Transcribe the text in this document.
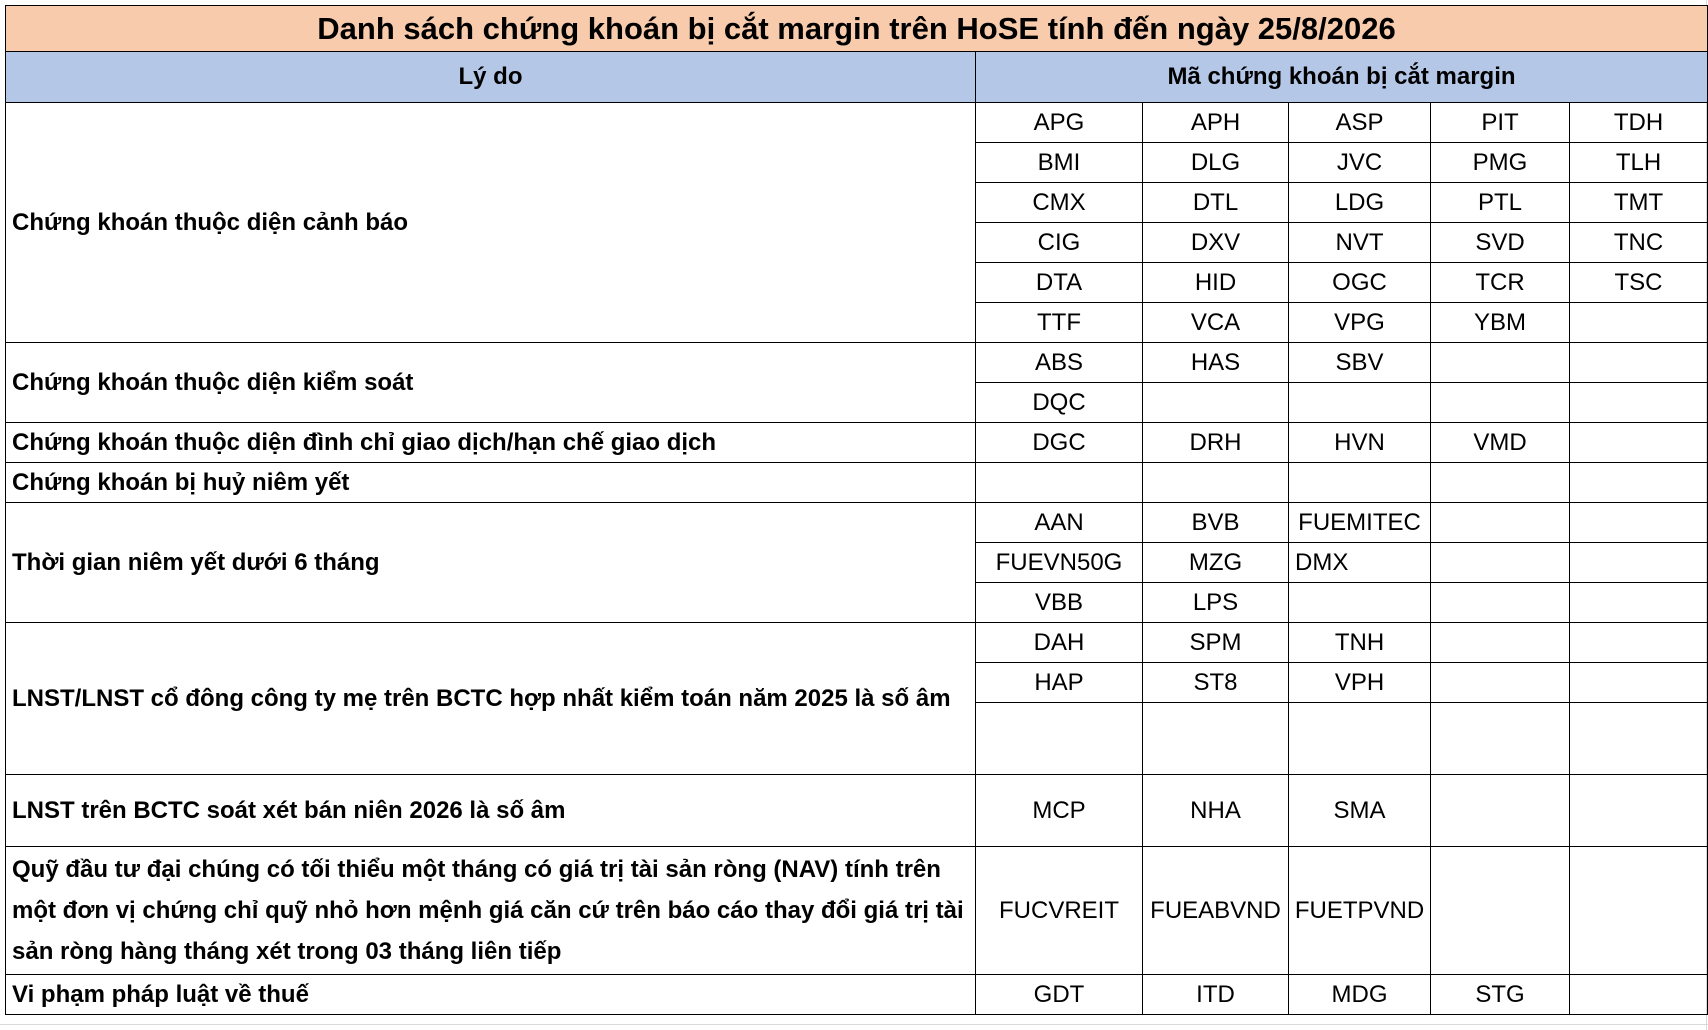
Danh sách chứng khoán bị cắt margin trên HoSE tính đến ngày 25/8/2026					
Lý do	Mã chứng khoán bị cắt margin				
Chứng khoán thuộc diện cảnh báo	APG	APH	ASP	PIT	TDH
	BMI	DLG	JVC	PMG	TLH
	CMX	DTL	LDG	PTL	TMT
	CIG	DXV	NVT	SVD	TNC
	DTA	HID	OGC	TCR	TSC
	TTF	VCA	VPG	YBM	
Chứng khoán thuộc diện kiểm soát	ABS	HAS	SBV		
	DQC				
Chứng khoán thuộc diện đình chỉ giao dịch/hạn chế giao dịch	DGC	DRH	HVN	VMD	
Chứng khoán bị huỷ niêm yết					
Thời gian niêm yết dưới 6 tháng	AAN	BVB	FUEMITEC		
	FUEVN50G	MZG	DMX		
	VBB	LPS			
LNST/LNST cổ đông công ty mẹ trên BCTC hợp nhất kiểm toán năm 2025 là số âm	DAH	SPM	TNH		
	HAP	ST8	VPH		

LNST trên BCTC soát xét bán niên 2026 là số âm	MCP	NHA	SMA		
Quỹ đầu tư đại chúng có tối thiểu một tháng có giá trị tài sản ròng (NAV) tính trên một đơn vị chứng chỉ quỹ nhỏ hơn mệnh giá căn cứ trên báo cáo thay đổi giá trị tài sản ròng hàng tháng xét trong 03 tháng liên tiếp	FUCVREIT	FUEABVND	FUETPVND		
Vi phạm pháp luật về thuế	GDT	ITD	MDG	STG	
